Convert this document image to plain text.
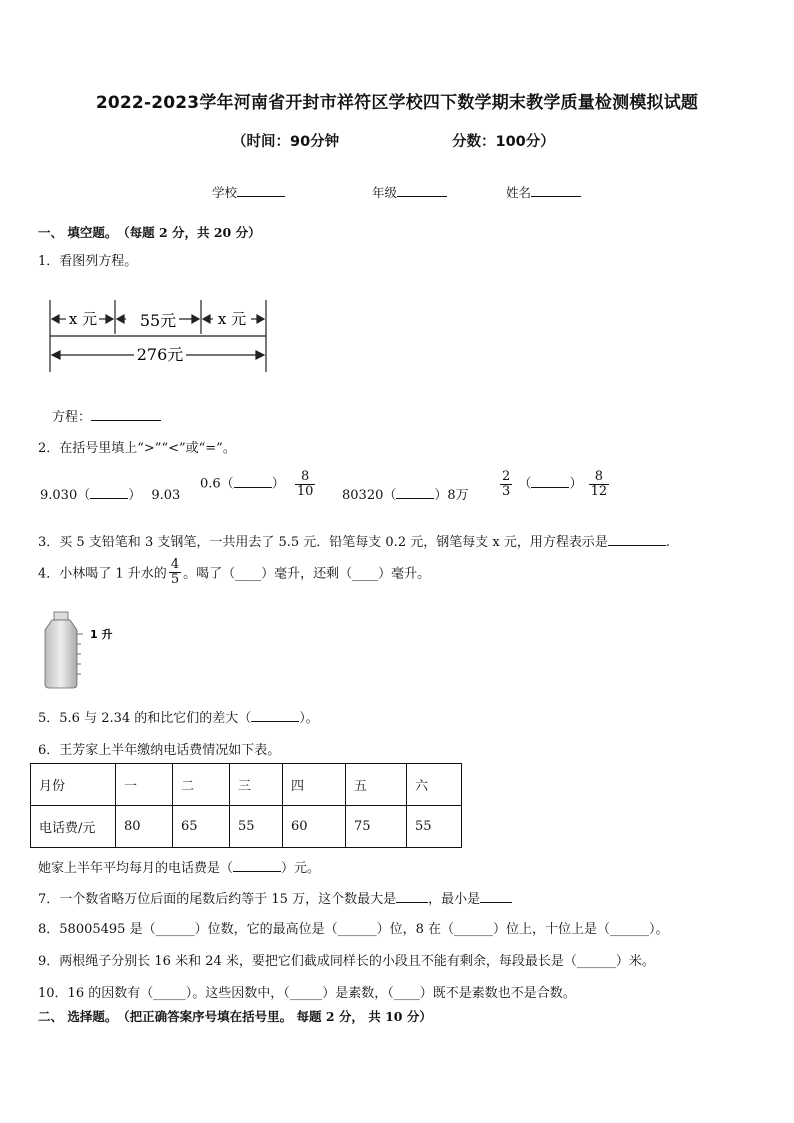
2022-2023学年河南省开封市祥符区学校四下数学期末教学质量检测模拟试题
（时间：90分钟	分数：100分）
学校	年级	姓名
一、 填空题。 （每题 2 分，共 20 分）
1．看图列方程。
x 元	55元	x 元
276元
方程：
2．在括号里填上“>”“<”或“=”。
9.030（	） 9.03
0.6（	） $\frac{8}{10} 80320$（	）8万 $\frac{2}{3}$ （	） $\frac{8}{12}$
3．买 5 支铅笔和 3 支钢笔，一共用去了 5.5 元．铅笔每支 0.2 元，钢笔每支 x 元，用方程表示是	.
4．小林喝了 1 升水的 $\frac{4}{5}$ 。喝了（____）毫升，还剩（____）毫升。
1 升
5．5.6 与 2.34 的和比它们的差大（	）。
6．王芳家上半年缴纳电话费情况如下表。
月份	一	二	三	四	五	六
电话费/元	80	65	55	60	75	55
她家上半年平均每月的电话费是（	）元。
7．一个数省略万位后面的尾数后约等于 15 万，这个数最大是 ，最小是
8．58005495 是（______）位数，它的最高位是（______）位，8 在（______）位上，十位上是（______）。
9．两根绳子分别长 16 米和 24 米，要把它们截成同样长的小段且不能有剩余，每段最长是（______）米。
10．16 的因数有（_____）。这些因数中，（_____）是素数，（____）既不是素数也不是合数。
二、 选择题。 （把正确答案序号填在括号里。 每题 2 分， 共 10 分）
